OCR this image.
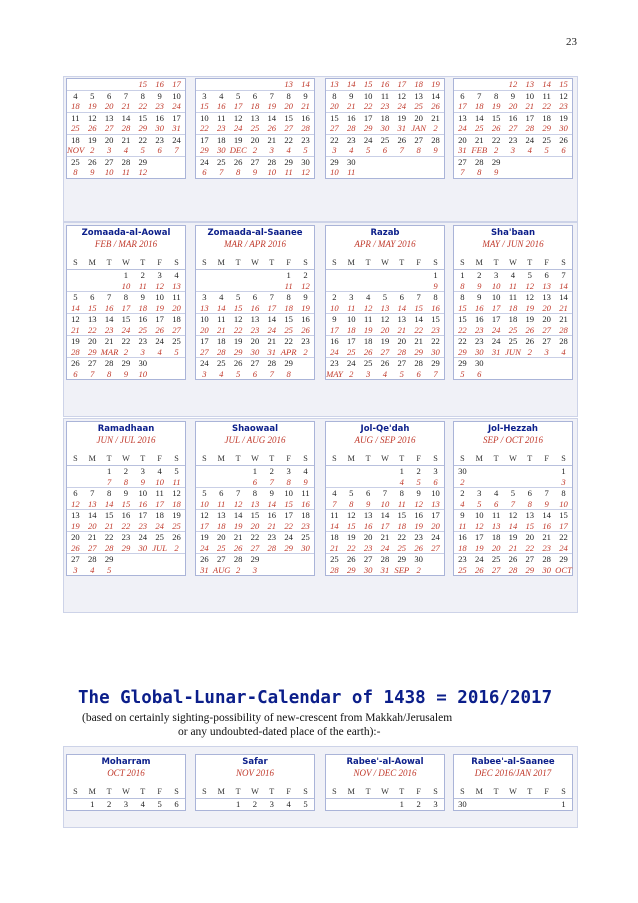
23
				15	16	17
4	5	6	7	8	9	10
18	19	20	21	22	23	24
11	12	13	14	15	16	17
25	26	27	28	29	30	31
18	19	20	21	22	23	24
NOV	2	3	4	5	6	7
25	26	27	28	29		
8	9	10	11	12		
					13	14
3	4	5	6	7	8	9
15	16	17	18	19	20	21
10	11	12	13	14	15	16
22	23	24	25	26	27	28
17	18	19	20	21	22	23
29	30	DEC	2	3	4	5
24	25	26	27	28	29	30
6	7	8	9	10	11	12
13	14	15	16	17	18	19
8	9	10	11	12	13	14
20	21	22	23	24	25	26
15	16	17	18	19	20	21
27	28	29	30	31	JAN	2
22	23	24	25	26	27	28
3	4	5	6	7	8	9
29	30					
10	11					
			12	13	14	15
6	7	8	9	10	11	12
17	18	19	20	21	22	23
13	14	15	16	17	18	19
24	25	26	27	28	29	30
20	21	22	23	24	25	26
31	FEB	2	3	4	5	6
27	28	29				
7	8	9				
Zomaada-al-Aowal
FEB / MAR 2016
S	M	T	W	T	F	S
			1	2	3	4
			10	11	12	13
5	6	7	8	9	10	11
14	15	16	17	18	19	20
12	13	14	15	16	17	18
21	22	23	24	25	26	27
19	20	21	22	23	24	25
28	29	MAR	2	3	4	5
26	27	28	29	30		
6	7	8	9	10		
Zomaada-al-Saanee
MAR / APR 2016
S	M	T	W	T	F	S
					1	2
					11	12
3	4	5	6	7	8	9
13	14	15	16	17	18	19
10	11	12	13	14	15	16
20	21	22	23	24	25	26
17	18	19	20	21	22	23
27	28	29	30	31	APR	2
24	25	26	27	28	29	
3	4	5	6	7	8	
Razab
APR / MAY 2016
S	M	T	W	T	F	S
						1
						9
2	3	4	5	6	7	8
10	11	12	13	14	15	16
9	10	11	12	13	14	15
17	18	19	20	21	22	23
16	17	18	19	20	21	22
24	25	26	27	28	29	30
23	24	25	26	27	28	29
MAY	2	3	4	5	6	7
Sha'baan
MAY / JUN 2016
S	M	T	W	T	F	S
1	2	3	4	5	6	7
8	9	10	11	12	13	14
8	9	10	11	12	13	14
15	16	17	18	19	20	21
15	16	17	18	19	20	21
22	23	24	25	26	27	28
22	23	24	25	26	27	28
29	30	31	JUN	2	3	4
29	30					
5	6					
Ramadhaan
JUN / JUL 2016
S	M	T	W	T	F	S
		1	2	3	4	5
		7	8	9	10	11
6	7	8	9	10	11	12
12	13	14	15	16	17	18
13	14	15	16	17	18	19
19	20	21	22	23	24	25
20	21	22	23	24	25	26
26	27	28	29	30	JUL	2
27	28	29				
3	4	5				
Shaowaal
JUL / AUG 2016
S	M	T	W	T	F	S
			1	2	3	4
			6	7	8	9
5	6	7	8	9	10	11
10	11	12	13	14	15	16
12	13	14	15	16	17	18
17	18	19	20	21	22	23
19	20	21	22	23	24	25
24	25	26	27	28	29	30
26	27	28	29			
31	AUG	2	3			
Jol-Qe'dah
AUG / SEP 2016
S	M	T	W	T	F	S
				1	2	3
				4	5	6
4	5	6	7	8	9	10
7	8	9	10	11	12	13
11	12	13	14	15	16	17
14	15	16	17	18	19	20
18	19	20	21	22	23	24
21	22	23	24	25	26	27
25	26	27	28	29	30	
28	29	30	31	SEP	2	
Jol-Hezzah
SEP / OCT 2016
S	M	T	W	T	F	S
30						1
2						3
2	3	4	5	6	7	8
4	5	6	7	8	9	10
9	10	11	12	13	14	15
11	12	13	14	15	16	17
16	17	18	19	20	21	22
18	19	20	21	22	23	24
23	24	25	26	27	28	29
25	26	27	28	29	30	OCT
Moharram
OCT 2016
S	M	T	W	T	F	S
	1	2	3	4	5	6
Safar
NOV 2016
S	M	T	W	T	F	S
		1	2	3	4	5
Rabee'-al-Aowal
NOV / DEC 2016
S	M	T	W	T	F	S
				1	2	3
Rabee'-al-Saanee
DEC 2016/JAN 2017
S	M	T	W	T	F	S
30						1
The Global-Lunar-Calendar of 1438 = 2016/2017
(based on certainly sighting-possibility of new-crescent from Makkah/Jerusalem
or any undoubted-dated place of the earth):-
